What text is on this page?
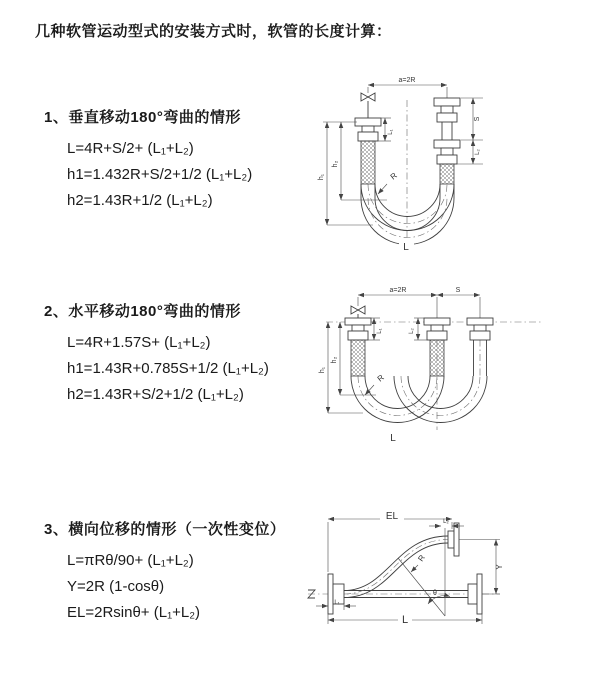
几种软管运动型式的安装方式时，软管的长度计算：
1、垂直移动180°弯曲的情形
L=4R+S/2+ (L₁+L₂)
h1=1.432R+S/2+1/2 (L₁+L₂)
h2=1.43R+1/2 (L₁+L₂)
2、水平移动180°弯曲的情形
L=4R+1.57S+ (L₁+L₂)
h1=1.43R+0.785S+1/2 (L₁+L₂)
h2=1.43R+S/2+1/2 (L₁+L₂)
3、横向位移的情形（一次性变位）
L=πRθ/90+ (L₁+L₂)
Y=2R (1-cosθ)
EL=2Rsinθ+ (L₁+L₂)
a=2R
S
L₂
h₁
h₂
L₁
R
L
a=2R	S
h₁
h₂
L₁	L₂
R
L
θ
EL	L₂
Y
R
L
L₁
